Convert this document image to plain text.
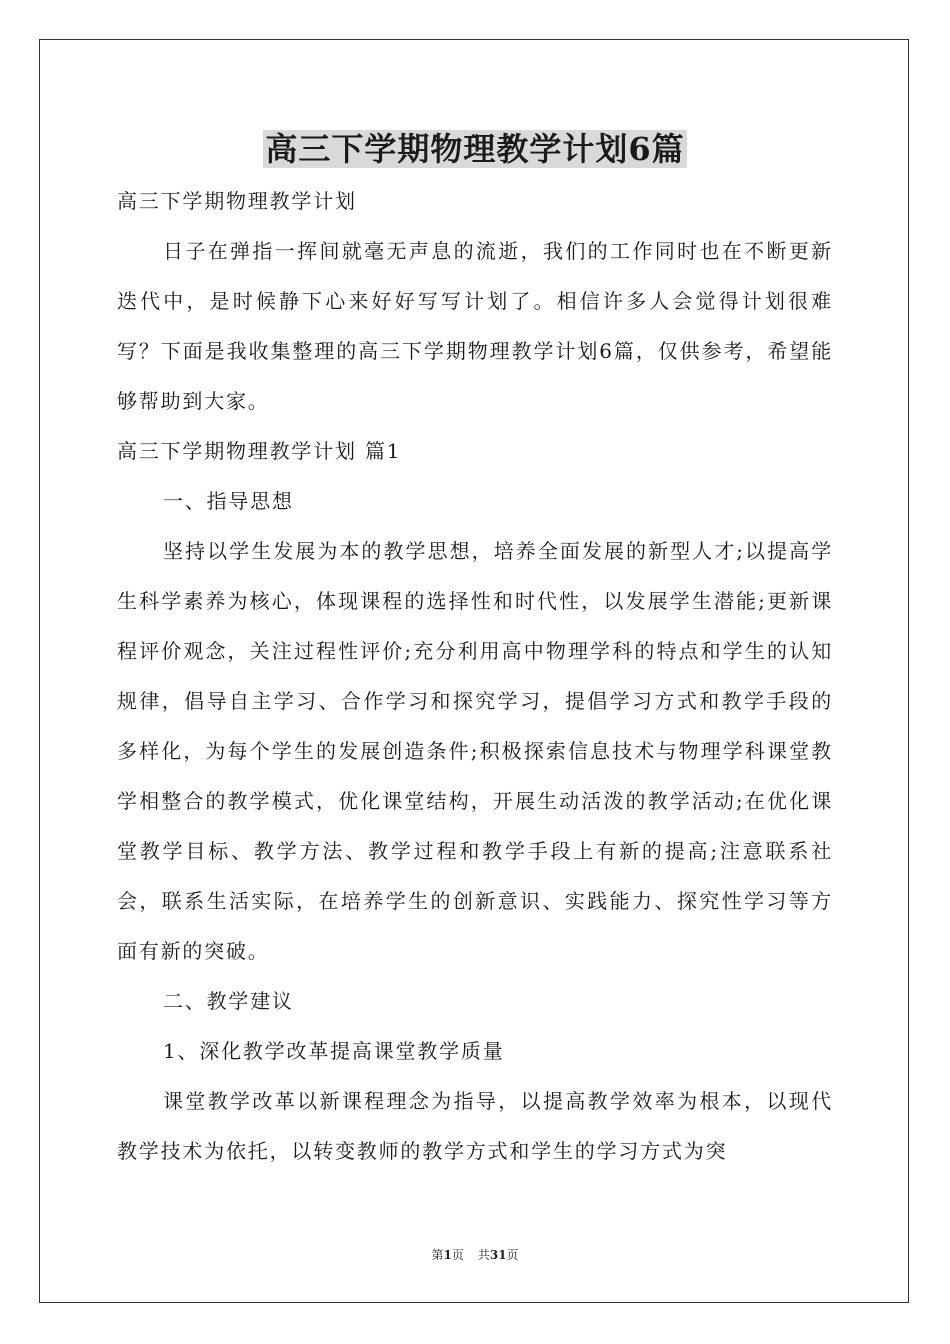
高三下学期物理教学计划6篇

高三下学期物理教学计划

日子在弹指一挥间就毫无声息的流逝，我们的工作同时也在不断更新迭代中，是时候静下心来好好写写计划了。相信许多人会觉得计划很难写？下面是我收集整理的高三下学期物理教学计划6篇，仅供参考，希望能够帮助到大家。

高三下学期物理教学计划 篇1

一、指导思想

坚持以学生发展为本的教学思想，培养全面发展的新型人才;以提高学生科学素养为核心，体现课程的选择性和时代性，以发展学生潜能;更新课程评价观念，关注过程性评价;充分利用高中物理学科的特点和学生的认知规律，倡导自主学习、合作学习和探究学习，提倡学习方式和教学手段的多样化，为每个学生的发展创造条件;积极探索信息技术与物理学科课堂教学相整合的教学模式，优化课堂结构，开展生动活泼的教学活动;在优化课堂教学目标、教学方法、教学过程和教学手段上有新的提高;注意联系社会，联系生活实际，在培养学生的创新意识、实践能力、探究性学习等方面有新的突破。

二、教学建议

1、深化教学改革提高课堂教学质量

课堂教学改革以新课程理念为指导，以提高教学效率为根本，以现代教学技术为依托，以转变教师的教学方式和学生的学习方式为突

第1页 共31页
